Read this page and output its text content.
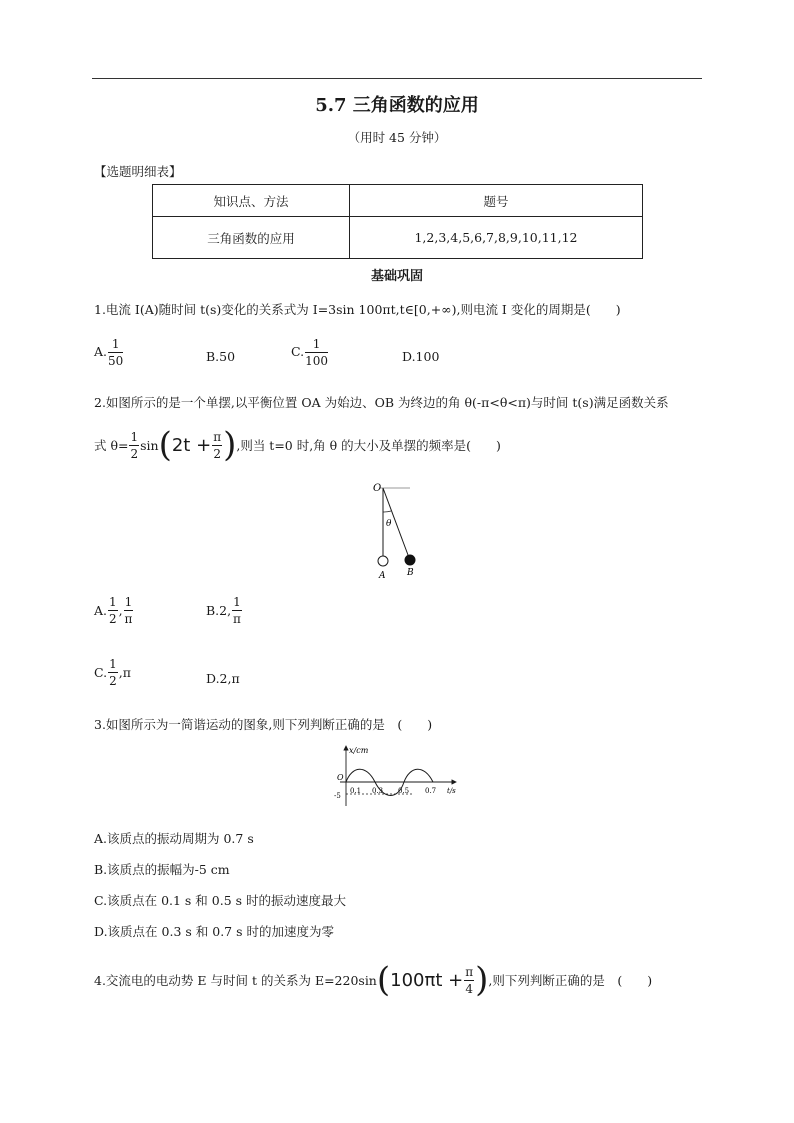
5.7 三角函数的应用
（用时 45 分钟）
【选题明细表】
知识点、方法	题号
三角函数的应用	1,2,3,4,5,6,7,8,9,10,11,12
基础巩固
1.电流 I(A)随时间 t(s)变化的关系式为 I=3sin 100πt,t∈[0,+∞),则电流 I 变化的周期是(　　)
A. $\frac{1}{50}$	B.50	C. $\frac{1}{100}$	D.100
2.如图所示的是一个单摆,以平衡位置 OA 为始边、OB 为终边的角 θ(-π<θ<π)与时间 t(s)满足函数关系
式 $\theta= \frac{1}{2}$ sin ( $2t + \frac{\pi}{2}$ ) ,则当 t=0 时,角 θ 的大小及单摆的频率是(　　)
O
θ
A B
A. $\frac{1}{2}$ , $\frac{1}{\pi}$	B.2, $\frac{1}{\pi}$
C. $\frac{1}{2} ,\pi$	D.2,π
3.如图所示为一简谐运动的图象,则下列判断正确的是　(　　)
x/cm
O
-5
0.1 0.3 0.5 0.7 t/s
A.该质点的振动周期为 0.7 s
B.该质点的振幅为-5 cm
C.该质点在 0.1 s 和 0.5 s 时的振动速度最大
D.该质点在 0.3 s 和 0.7 s 时的加速度为零
4.交流电的电动势 E 与时间 t 的关系为 E=220sin ( $100\pi t + \frac{\pi}{4}$ ) ,则下列判断正确的是　(　　)
